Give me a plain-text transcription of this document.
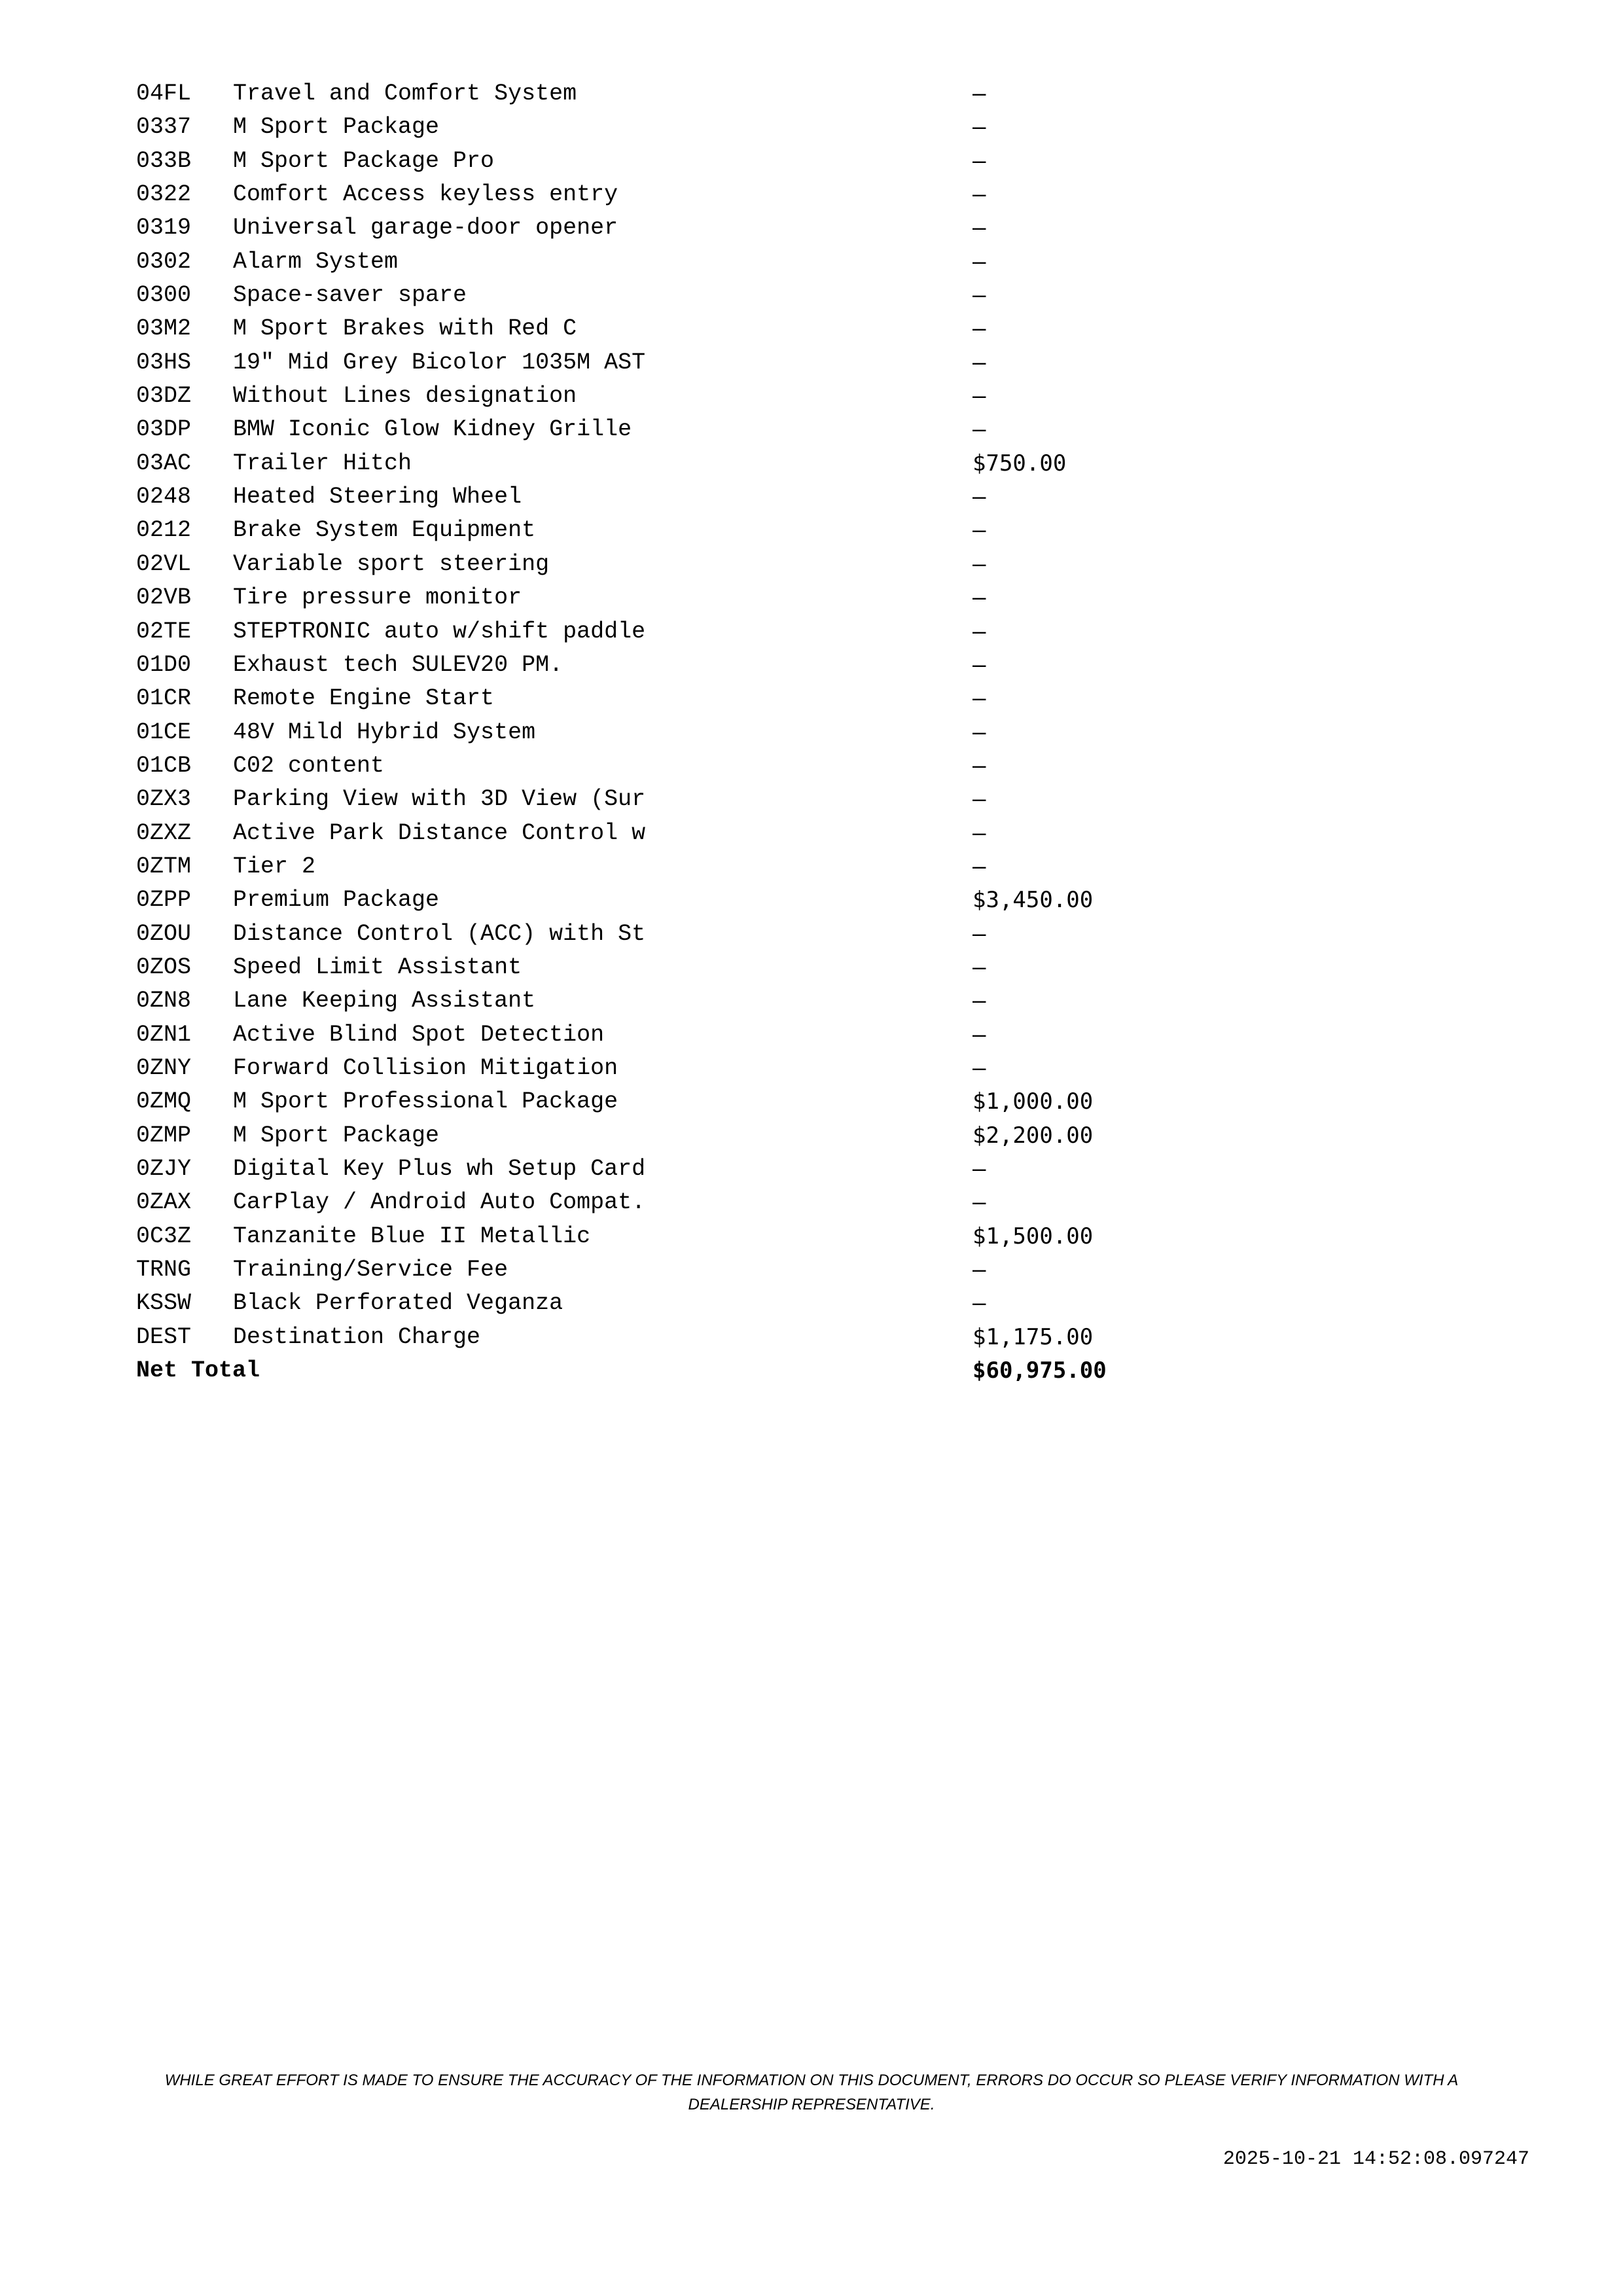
04FL	Travel and Comfort System	—
0337	M Sport Package	—
033B	M Sport Package Pro	—
0322	Comfort Access keyless entry	—
0319	Universal garage-door opener	—
0302	Alarm System	—
0300	Space-saver spare	—
03M2	M Sport Brakes with Red C	—
03HS	19" Mid Grey Bicolor 1035M AST	—
03DZ	Without Lines designation	—
03DP	BMW Iconic Glow Kidney Grille	—
03AC	Trailer Hitch	$750.00
0248	Heated Steering Wheel	—
0212	Brake System Equipment	—
02VL	Variable sport steering	—
02VB	Tire pressure monitor	—
02TE	STEPTRONIC auto w/shift paddle	—
01D0	Exhaust tech SULEV20 PM.	—
01CR	Remote Engine Start	—
01CE	48V Mild Hybrid System	—
01CB	C02 content	—
0ZX3	Parking View with 3D View (Sur	—
0ZXZ	Active Park Distance Control w	—
0ZTM	Tier 2	—
0ZPP	Premium Package	$3,450.00
0ZOU	Distance Control (ACC) with St	—
0ZOS	Speed Limit Assistant	—
0ZN8	Lane Keeping Assistant	—
0ZN1	Active Blind Spot Detection	—
0ZNY	Forward Collision Mitigation	—
0ZMQ	M Sport Professional Package	$1,000.00
0ZMP	M Sport Package	$2,200.00
0ZJY	Digital Key Plus wh Setup Card	—
0ZAX	CarPlay / Android Auto Compat.	—
0C3Z	Tanzanite Blue II Metallic	$1,500.00
TRNG	Training/Service Fee	—
KSSW	Black Perforated Veganza	—
DEST	Destination Charge	$1,175.00
Net Total	$60,975.00
WHILE GREAT EFFORT IS MADE TO ENSURE THE ACCURACY OF THE INFORMATION ON THIS DOCUMENT, ERRORS DO OCCUR SO PLEASE VERIFY INFORMATION WITH A
DEALERSHIP REPRESENTATIVE.
2025-10-21 14:52:08.097247
